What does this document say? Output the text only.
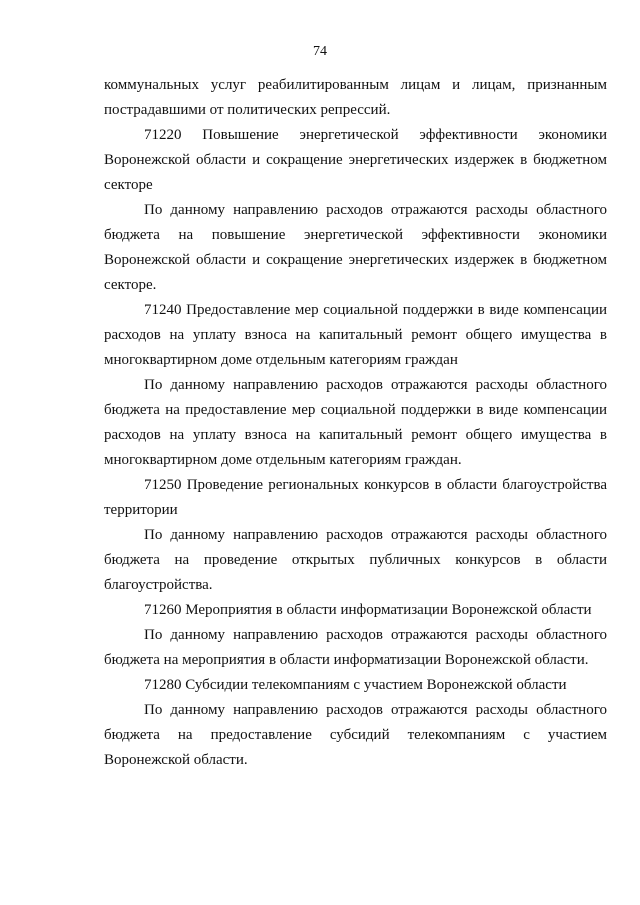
74

коммунальных услуг реабилитированным лицам и лицам, признанным пострадавшими от политических репрессий.

71220 Повышение энергетической эффективности экономики Воронежской области и сокращение энергетических издержек в бюджетном секторе

По данному направлению расходов отражаются расходы областного бюджета на повышение энергетической эффективности экономики Воронежской области и сокращение энергетических издержек в бюджетном секторе.

71240 Предоставление мер социальной поддержки в виде компенсации расходов на уплату взноса на капитальный ремонт общего имущества в многоквартирном доме отдельным категориям граждан

По данному направлению расходов отражаются расходы областного бюджета на предоставление мер социальной поддержки в виде компенсации расходов на уплату взноса на капитальный ремонт общего имущества в многоквартирном доме отдельным категориям граждан.

71250 Проведение региональных конкурсов в области благоустройства территории

По данному направлению расходов отражаются расходы областного бюджета на проведение открытых публичных конкурсов в области благоустройства.

71260 Мероприятия в области информатизации Воронежской области

По данному направлению расходов отражаются расходы областного бюджета на мероприятия в области информатизации Воронежской области.

71280 Субсидии телекомпаниям с участием Воронежской области

По данному направлению расходов отражаются расходы областного бюджета на предоставление субсидий телекомпаниям с участием Воронежской области.
